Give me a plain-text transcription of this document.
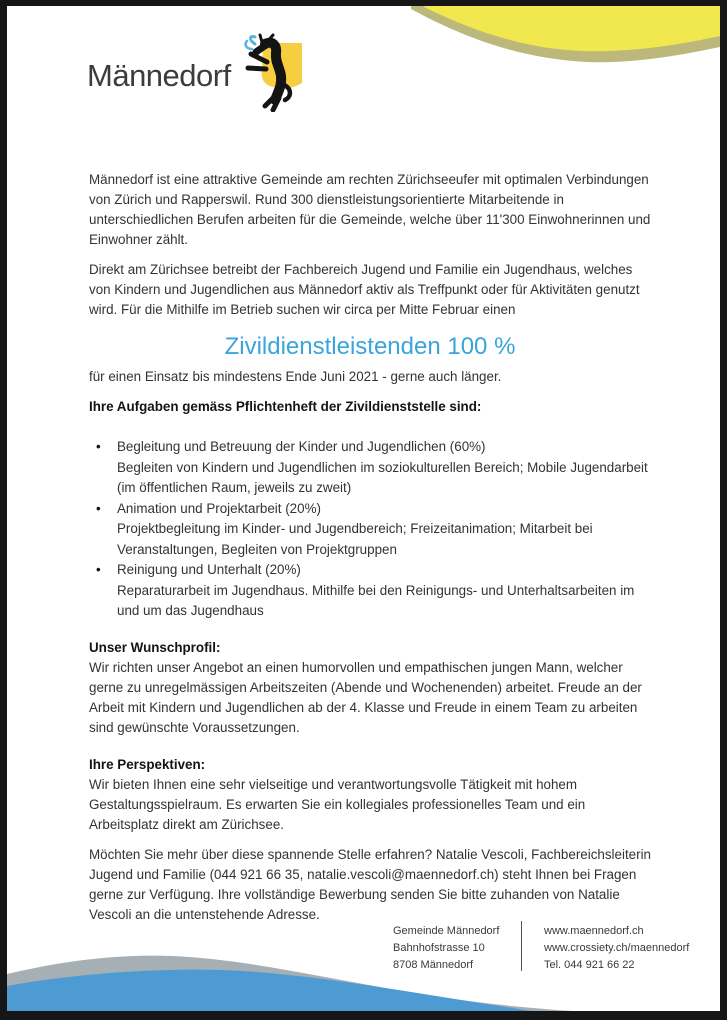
Männedorf

Männedorf ist eine attraktive Gemeinde am rechten Zürichseeufer mit optimalen Verbindungen von Zürich und Rapperswil. Rund 300 dienstleistungsorientierte Mitarbeitende in unterschiedlichen Berufen arbeiten für die Gemeinde, welche über 11'300 Einwohnerinnen und Einwohner zählt.

Direkt am Zürichsee betreibt der Fachbereich Jugend und Familie ein Jugendhaus, welches von Kindern und Jugendlichen aus Männedorf aktiv als Treffpunkt oder für Aktivitäten genutzt wird. Für die Mithilfe im Betrieb suchen wir circa per Mitte Februar einen

Zivildienstleistenden 100 %

für einen Einsatz bis mindestens Ende Juni 2021 - gerne auch länger.

Ihre Aufgaben gemäss Pflichtenheft der Zivildienststelle sind:
• Begleitung und Betreuung der Kinder und Jugendlichen (60%)
Begleiten von Kindern und Jugendlichen im soziokulturellen Bereich; Mobile Jugendarbeit (im öffentlichen Raum, jeweils zu zweit)
• Animation und Projektarbeit (20%)
Projektbegleitung im Kinder- und Jugendbereich; Freizeitanimation; Mitarbeit bei Veranstaltungen, Begleiten von Projektgruppen
• Reinigung und Unterhalt (20%)
Reparaturarbeit im Jugendhaus. Mithilfe bei den Reinigungs- und Unterhaltsarbeiten im und um das Jugendhaus
Unser Wunschprofil:

Wir richten unser Angebot an einen humorvollen und empathischen jungen Mann, welcher gerne zu unregelmässigen Arbeitszeiten (Abende und Wochenenden) arbeitet. Freude an der Arbeit mit Kindern und Jugendlichen ab der 4. Klasse und Freude in einem Team zu arbeiten sind gewünschte Voraussetzungen.

Ihre Perspektiven:

Wir bieten Ihnen eine sehr vielseitige und verantwortungsvolle Tätigkeit mit hohem Gestaltungsspielraum. Es erwarten Sie ein kollegiales professionelles Team und ein Arbeitsplatz direkt am Zürichsee.

Möchten Sie mehr über diese spannende Stelle erfahren? Natalie Vescoli, Fachbereichsleiterin Jugend und Familie (044 921 66 35, natalie.vescoli@maennedorf.ch) steht Ihnen bei Fragen gerne zur Verfügung. Ihre vollständige Bewerbung senden Sie bitte zuhanden von Natalie Vescoli an die untenstehende Adresse.

Gemeinde Männedorf
Bahnhofstrasse 10
8708 Männedorf
www.maennedorf.ch
www.crossiety.ch/maennedorf
Tel. 044 921 66 22
